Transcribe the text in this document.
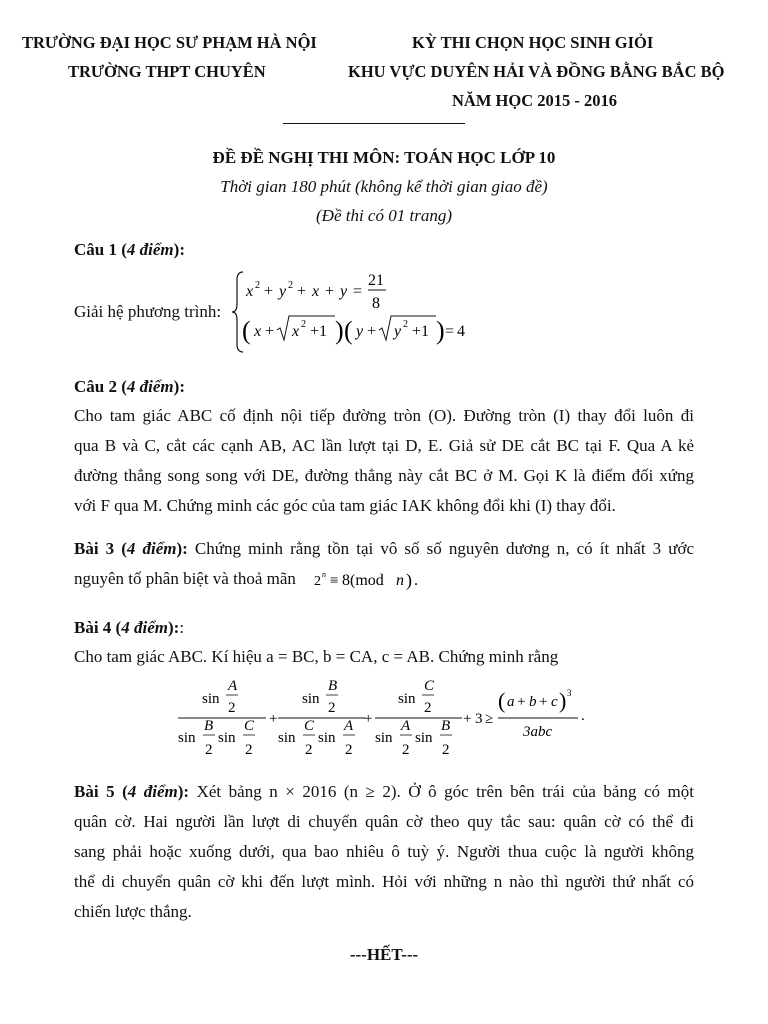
TRƯỜNG ĐẠI HỌC SƯ PHẠM HÀ NỘI
TRƯỜNG THPT CHUYÊN
KỲ THI CHỌN HỌC SINH GIỎI
KHU VỰC DUYÊN HẢI VÀ ĐỒNG BẰNG BẮC BỘ
NĂM HỌC 2015 - 2016
ĐỀ ĐỀ NGHỊ THI MÔN: TOÁN HỌC LỚP 10
Thời gian 180 phút (không kể thời gian giao đề)
(Đề thi có 01 trang)
Câu 1 (4 điểm):
Giải hệ phương trình:
x 2 + y 2 + x + y =
21
8
( x + x 2 +1 ) ( y + y 2 +1 ) = 4
Câu 2 (4 điểm):
Cho tam giác ABC cố định nội tiếp đường tròn (O). Đường tròn (I) thay đổi luôn đi
qua B và C, cắt các cạnh AB, AC lần lượt tại D, E. Giả sử DE cắt BC tại F. Qua A kẻ
đường thẳng song song với DE, đường thẳng này cắt BC ở M. Gọi K là điểm đối xứng
với F qua M. Chứng minh các góc của tam giác IAK không đổi khi (I) thay đổi.
Bài 3 (4 điểm): Chứng minh rằng tồn tại vô số số nguyên dương n, có ít nhất 3 ước
nguyên tố phân biệt và thoả mãn 2 n ≡ 8(mod n ) .
Bài 4 (4 điểm)::
Cho tam giác ABC. Kí hiệu a = BC, b = CA, c = AB. Chứng minh rằng
sin
A
2
sin
B
2
sin
C
2
+
sin
B
2
sin
C
2
sin
A
2
+
sin
C
2
sin
A
2
sin
B
2
+ 3 ≥
( a + b + c ) 3
3abc
.
Bài 5 (4 điểm): Xét bảng n × 2016 (n ≥ 2). Ở ô góc trên bên trái của bảng có một
quân cờ. Hai người lần lượt di chuyển quân cờ theo quy tắc sau: quân cờ có thể đi
sang phải hoặc xuống dưới, qua bao nhiêu ô tuỳ ý. Người thua cuộc là người không
thể di chuyển quân cờ khi đến lượt mình. Hỏi với những n nào thì người thứ nhất có
chiến lược thắng.
---HẾT---
